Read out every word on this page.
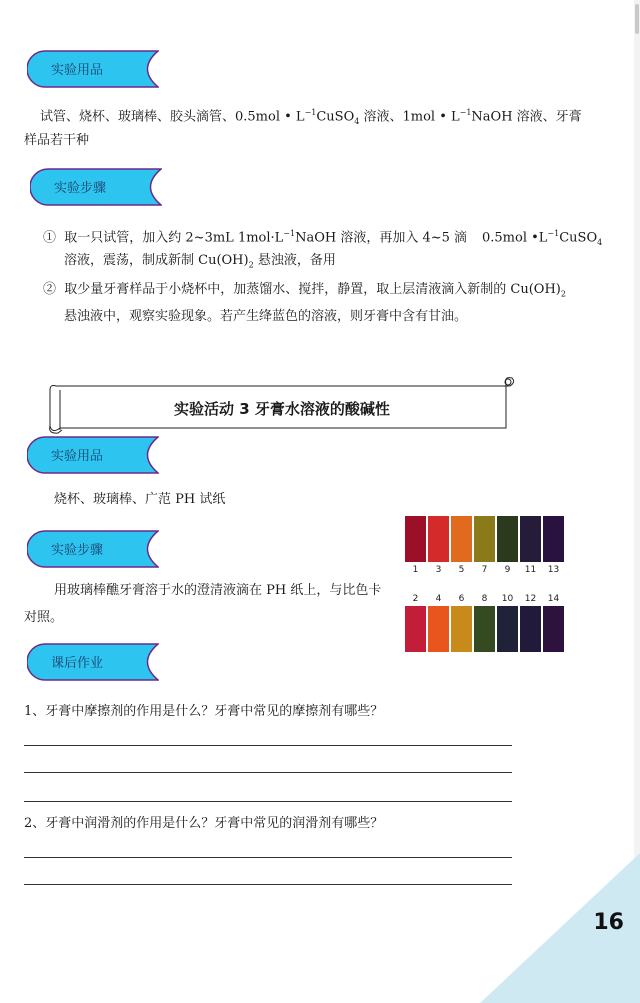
实验用品
试管、烧杯、玻璃棒、胶头滴管、0.5mol • $L^{-1}CuSO_4$ 溶液、1mol • $L^{-1}NaOH$ 溶液、牙膏
样品若干种
实验步骤
① 取一只试管，加入约 2~3mL $1mol\cdot L^{-1}NaOH$ 溶液，再加入 4~5 滴 0.5mol $•L^{-1}CuSO_4$
溶液，震荡，制成新制 $Cu(OH)_2$ 悬浊液，备用
② 取少量牙膏样品于小烧杯中，加蒸馏水、搅拌，静置，取上层清液滴入新制的 $Cu(OH)_2$
悬浊液中，观察实验现象。若产生绛蓝色的溶液，则牙膏中含有甘油。
实验活动 3 牙膏水溶液的酸碱性
实验用品
烧杯、玻璃棒、广范 PH 试纸
实验步骤
用玻璃棒醮牙膏溶于水的澄清液滴在 PH 纸上，与比色卡
对照。
1	3	5	7	9	11	13
2	4	6	8	10	12	14
课后作业
1、牙膏中摩擦剂的作用是什么？牙膏中常见的摩擦剂有哪些？
2、牙膏中润滑剂的作用是什么？牙膏中常见的润滑剂有哪些？
16
